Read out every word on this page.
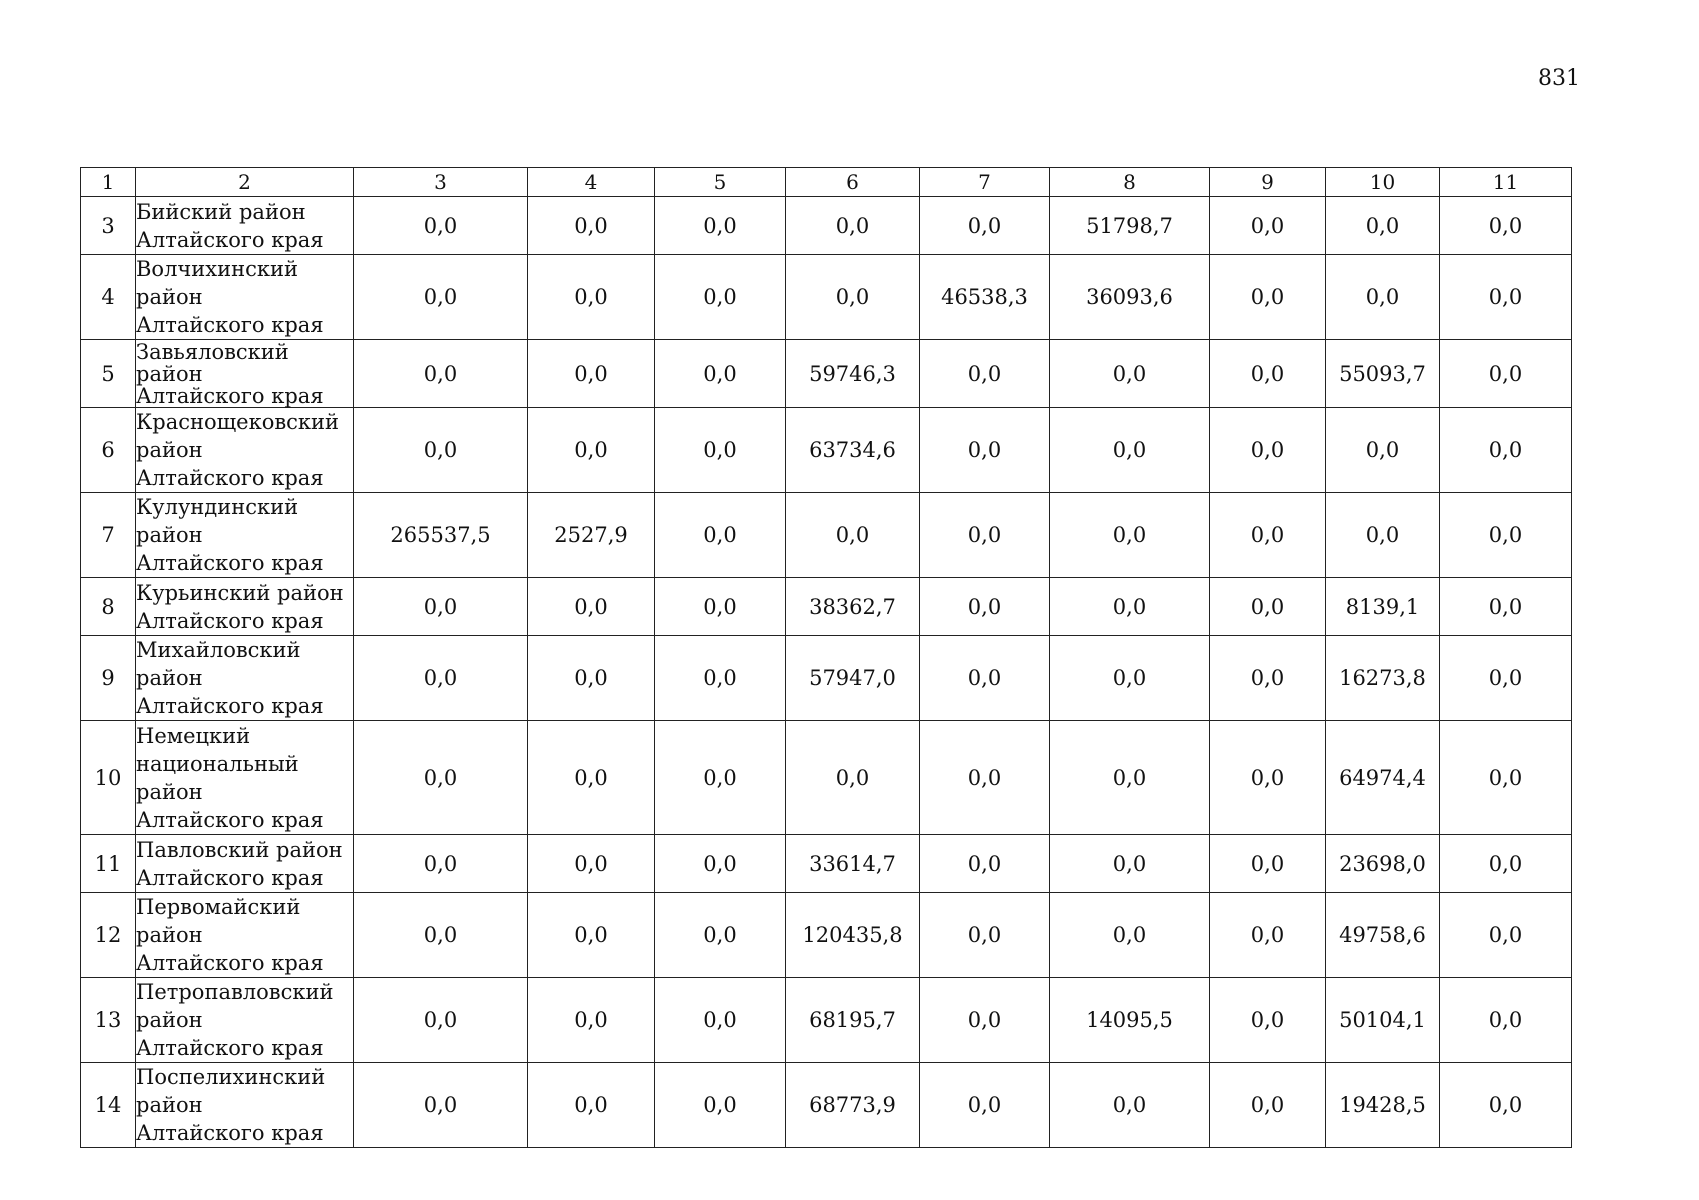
831
1	2	3	4	5	6	7	8	9	10	11
3	Бийский район
Алтайского края	0,0	0,0	0,0	0,0	0,0	51798,7	0,0	0,0	0,0
4	Волчихинский
район
Алтайского края	0,0	0,0	0,0	0,0	46538,3	36093,6	0,0	0,0	0,0
5	Завьяловский
район
Алтайского края	0,0	0,0	0,0	59746,3	0,0	0,0	0,0	55093,7	0,0
6	Краснощековский
район
Алтайского края	0,0	0,0	0,0	63734,6	0,0	0,0	0,0	0,0	0,0
7	Кулундинский
район
Алтайского края	265537,5	2527,9	0,0	0,0	0,0	0,0	0,0	0,0	0,0
8	Курьинский район
Алтайского края	0,0	0,0	0,0	38362,7	0,0	0,0	0,0	8139,1	0,0
9	Михайловский
район
Алтайского края	0,0	0,0	0,0	57947,0	0,0	0,0	0,0	16273,8	0,0
10	Немецкий
национальный
район
Алтайского края	0,0	0,0	0,0	0,0	0,0	0,0	0,0	64974,4	0,0
11	Павловский район
Алтайского края	0,0	0,0	0,0	33614,7	0,0	0,0	0,0	23698,0	0,0
12	Первомайский
район
Алтайского края	0,0	0,0	0,0	120435,8	0,0	0,0	0,0	49758,6	0,0
13	Петропавловский
район
Алтайского края	0,0	0,0	0,0	68195,7	0,0	14095,5	0,0	50104,1	0,0
14	Поспелихинский
район
Алтайского края	0,0	0,0	0,0	68773,9	0,0	0,0	0,0	19428,5	0,0
